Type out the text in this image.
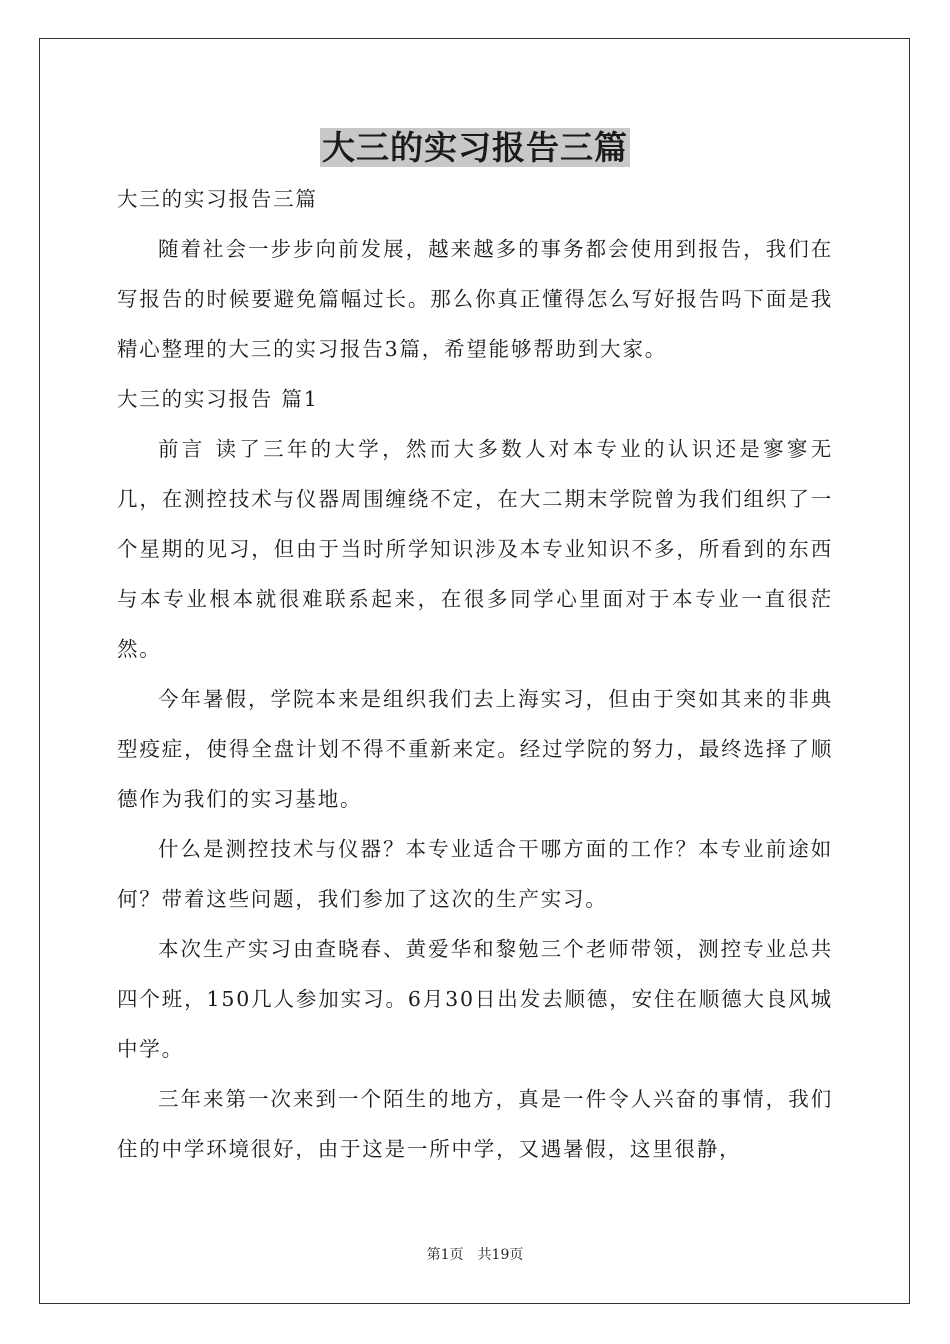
大三的实习报告三篇

大三的实习报告三篇

随着社会一步步向前发展，越来越多的事务都会使用到报告，我们在写报告的时候要避免篇幅过长。那么你真正懂得怎么写好报告吗下面是我精心整理的大三的实习报告3篇，希望能够帮助到大家。

大三的实习报告 篇1

前言 读了三年的大学，然而大多数人对本专业的认识还是寥寥无几，在测控技术与仪器周围缠绕不定，在大二期末学院曾为我们组织了一个星期的见习，但由于当时所学知识涉及本专业知识不多，所看到的东西与本专业根本就很难联系起来，在很多同学心里面对于本专业一直很茫然。

今年暑假，学院本来是组织我们去上海实习，但由于突如其来的非典型疫症，使得全盘计划不得不重新来定。经过学院的努力，最终选择了顺德作为我们的实习基地。

什么是测控技术与仪器？本专业适合干哪方面的工作？本专业前途如何？带着这些问题，我们参加了这次的生产实习。

本次生产实习由查晓春、黄爱华和黎勉三个老师带领，测控专业总共四个班，150几人参加实习。6月30日出发去顺德，安住在顺德大良风城中学。

三年来第一次来到一个陌生的地方，真是一件令人兴奋的事情，我们住的中学环境很好，由于这是一所中学，又遇暑假，这里很静，

第1页　共19页
